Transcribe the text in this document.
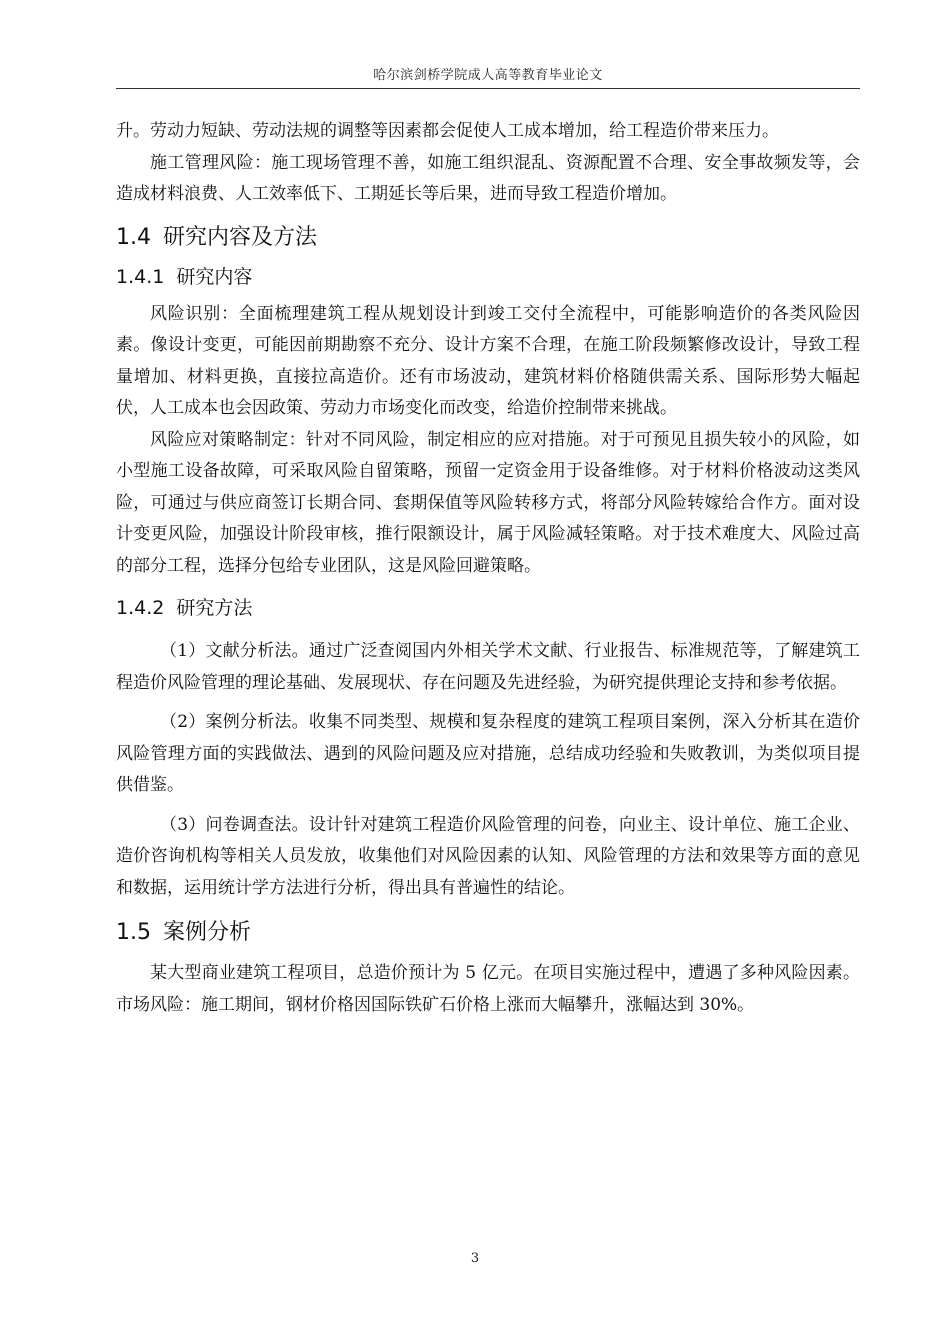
哈尔滨剑桥学院成人高等教育毕业论文

升。劳动力短缺、劳动法规的调整等因素都会促使人工成本增加，给工程造价带来压力。

施工管理风险：施工现场管理不善，如施工组织混乱、资源配置不合理、安全事故频发等，会造成材料浪费、人工效率低下、工期延长等后果，进而导致工程造价增加。

1.4 研究内容及方法
1.4.1 研究内容

风险识别：全面梳理建筑工程从规划设计到竣工交付全流程中，可能影响造价的各类风险因素。像设计变更，可能因前期勘察不充分、设计方案不合理，在施工阶段频繁修改设计，导致工程量增加、材料更换，直接拉高造价。还有市场波动，建筑材料价格随供需关系、国际形势大幅起伏，人工成本也会因政策、劳动力市场变化而改变，给造价控制带来挑战。

风险应对策略制定：针对不同风险，制定相应的应对措施。对于可预见且损失较小的风险，如小型施工设备故障，可采取风险自留策略，预留一定资金用于设备维修。对于材料价格波动这类风险，可通过与供应商签订长期合同、套期保值等风险转移方式，将部分风险转嫁给合作方。面对设计变更风险，加强设计阶段审核，推行限额设计，属于风险减轻策略。对于技术难度大、风险过高的部分工程，选择分包给专业团队，这是风险回避策略。

1.4.2 研究方法

（1）文献分析法。通过广泛查阅国内外相关学术文献、行业报告、标准规范等，了解建筑工程造价风险管理的理论基础、发展现状、存在问题及先进经验，为研究提供理论支持和参考依据。

（2）案例分析法。收集不同类型、规模和复杂程度的建筑工程项目案例，深入分析其在造价风险管理方面的实践做法、遇到的风险问题及应对措施，总结成功经验和失败教训，为类似项目提供借鉴。

（3）问卷调查法。设计针对建筑工程造价风险管理的问卷，向业主、设计单位、施工企业、造价咨询机构等相关人员发放，收集他们对风险因素的认知、风险管理的方法和效果等方面的意见和数据，运用统计学方法进行分析，得出具有普遍性的结论。

1.5 案例分析

某大型商业建筑工程项目，总造价预计为 5 亿元。在项目实施过程中，遭遇了多种风险因素。市场风险：施工期间，钢材价格因国际铁矿石价格上涨而大幅攀升，涨幅达到 30%。

3
